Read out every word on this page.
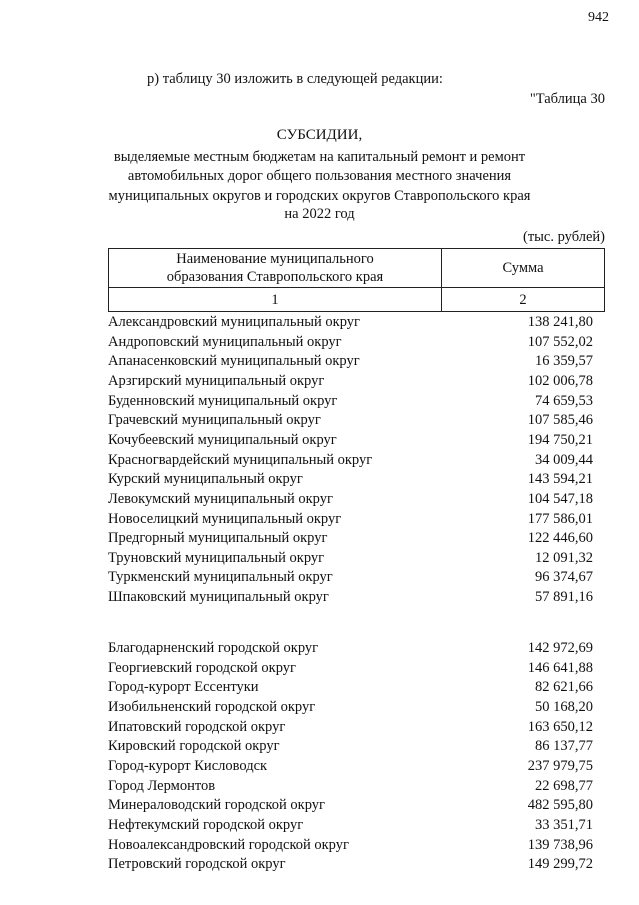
942
р) таблицу 30 изложить в следующей редакции:
"Таблица 30
СУБСИДИИ,
выделяемые местным бюджетам на капитальный ремонт и ремонт
автомобильных дорог общего пользования местного значения
муниципальных округов и городских округов Ставропольского края
на 2022 год
(тыс. рублей)
Наименование муниципального
образования Ставропольского края	Сумма
1	2
Александровский муниципальный округ	138 241,80
Андроповский муниципальный округ	107 552,02
Апанасенковский муниципальный округ	16 359,57
Арзгирский муниципальный округ	102 006,78
Буденновский муниципальный округ	74 659,53
Грачевский муниципальный округ	107 585,46
Кочубеевский муниципальный округ	194 750,21
Красногвардейский муниципальный округ	34 009,44
Курский муниципальный округ	143 594,21
Левокумский муниципальный округ	104 547,18
Новоселицкий муниципальный округ	177 586,01
Предгорный муниципальный округ	122 446,60
Труновский муниципальный округ	12 091,32
Туркменский муниципальный округ	96 374,67
Шпаковский муниципальный округ	57 891,16
Благодарненский городской округ	142 972,69
Георгиевский городской округ	146 641,88
Город-курорт Ессентуки	82 621,66
Изобильненский городской округ	50 168,20
Ипатовский городской округ	163 650,12
Кировский городской округ	86 137,77
Город-курорт Кисловодск	237 979,75
Город Лермонтов	22 698,77
Минераловодский городской округ	482 595,80
Нефтекумский городской округ	33 351,71
Новоалександровский городской округ	139 738,96
Петровский городской округ	149 299,72
